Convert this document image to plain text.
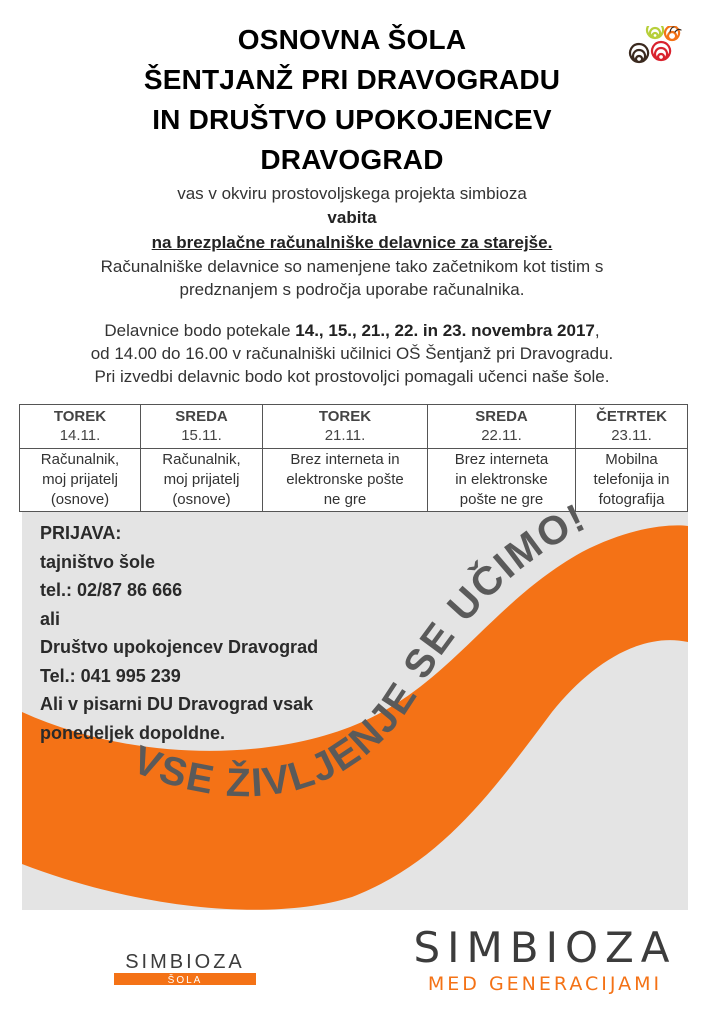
OSNOVNA ŠOLA
ŠENTJANŽ PRI DRAVOGRADU
IN DRUŠTVO UPOKOJENCEV
DRAVOGRAD
vas v okviru prostovoljskega projekta simbioza
vabita
na brezplačne računalniške delavnice za starejše.
Računalniške delavnice so namenjene tako začetnikom kot tistim s
predznanjem s področja uporabe računalnika.
Delavnice bodo potekale 14., 15., 21., 22. in 23. novembra 2017,
od 14.00 do 16.00 v računalniški učilnici OŠ Šentjanž pri Dravogradu.
Pri izvedbi delavnic bodo kot prostovoljci pomagali učenci naše šole.
TOREK
14.11.
Računalnik,
moj prijatelj
(osnove)
SREDA
15.11.
Računalnik,
moj prijatelj
(osnove)
TOREK
21.11.
Brez interneta in
elektronske pošte
ne gre
SREDA
22.11.
Brez interneta
in elektronske
pošte ne gre
ČETRTEK
23.11.
Mobilna
telefonija in
fotografija
PRIJAVA:
tajništvo šole
tel.: 02/87 86 666
ali
Društvo upokojencev Dravograd
Tel.: 041 995 239
Ali v pisarni DU Dravograd vsak
ponedeljek dopoldne.
VSE ŽIVLJENJE SE UČIMO!
SIMBIOZA
ŠOLA
SIMBIOZA
MED GENERACIJAMI
